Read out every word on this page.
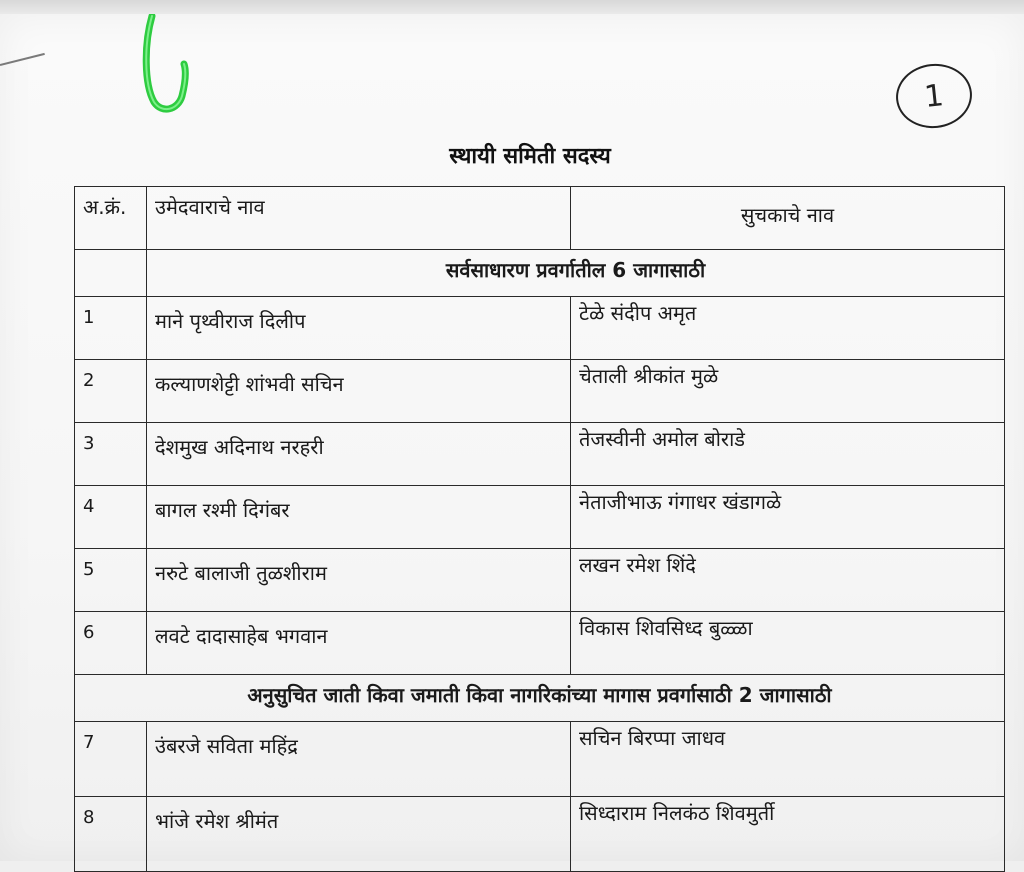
1
स्थायी समिती सदस्य
अ.क्रं.	उमेदवाराचे नाव	सुचकाचे नाव
	सर्वसाधारण प्रवर्गातील 6 जागासाठी	
1	माने पृथ्वीराज दिलीप	टेळे संदीप अमृत
2	कल्याणशेट्टी शांभवी सचिन	चेताली श्रीकांत मुळे
3	देशमुख अदिनाथ नरहरी	तेजस्वीनी अमोल बोराडे
4	बागल रश्मी दिगंबर	नेताजीभाऊ गंगाधर खंडागळे
5	नरुटे बालाजी तुळशीराम	लखन रमेश शिंदे
6	लवटे दादासाहेब भगवान	विकास शिवसिध्द बुळ्ळा
अनुसुचित जाती किवा जमाती किवा नागरिकांच्या मागास प्रवर्गासाठी 2 जागासाठी		
7	उंबरजे सविता महिंद्र	सचिन बिरप्पा जाधव
8	भांजे रमेश श्रीमंत	सिध्दाराम निलकंठ शिवमुर्ती
